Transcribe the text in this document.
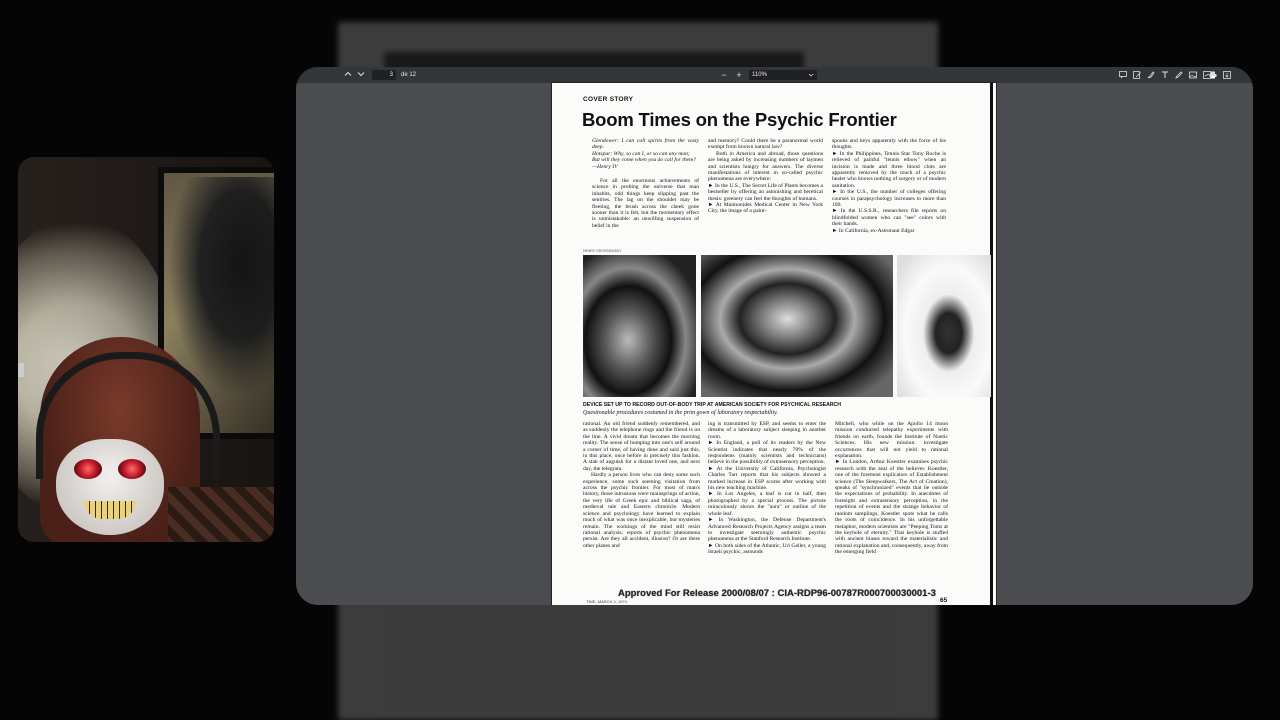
3	de 12	− +	110%
COVER STORY
Boom Times on the Psychic Frontier

Glendower: I can call spirits from the vasty deep.

Hotspur: Why, so can I, or so can any man;

But will they come when you do call for them?

—Henry IV

For all the enormous achievements of science in probing the universe that man inhabits, odd things keep slipping past the sentries. The lag on the shoulder may be fleeting, the brush across the cheek gone sooner than it is felt, but the momentary effect is unmistakable: an unwilling suspension of belief in the

and memory? Could there be a paranormal world exempt from known natural law?

Both in America and abroad, those questions are being asked by increasing numbers of laymen and scientists hungry for answers. The diverse manifestations of interest in so-called psychic phenomena are everywhere:

► In the U.S., The Secret Life of Plants becomes a bestseller by offering an astonishing and heretical thesis: greenery can feel the thoughts of humans.

► At Maimonides Medical Center in New York City, the image of a paint-

spoons and keys apparently with the force of his thoughts.

► In the Philippines, Tennis Star Tony Roche is relieved of painful "tennis elbow" when an incision is made and three blood clots are apparently removed by the touch of a psychic healer who knows nothing of surgery or of modern sanitation.

► In the U.S., the number of colleges offering courses in parapsychology increases to more than 100.

► In the U.S.S.R., researchers file reports on blindfolded women who can "see" colors with their hands.

► In California, ex-Astronaut Edgar

HENRY GROSSKINSKY
DEVICE SET UP TO RECORD OUT-OF-BODY TRIP AT AMERICAN SOCIETY FOR PSYCHICAL RESEARCH
Questionable procedures costumed in the prim gown of laboratory respectability.

rational. An old friend suddenly remembered, and as suddenly the telephone rings and the friend is on the line. A vivid dream that becomes the morning reality. The sense of bumping into one's self around a corner of time, of having done and said just this, in this place, once before in precisely this fashion. A stab of anguish for a distant loved one, and next day, the telegram.

Hardly a person lives who can deny some such experience, some such seeming visitation from across the psychic frontier. For most of man's history, those intrusions were mainsprings of action, the very life of Greek epic and biblical saga, of medieval tale and Eastern chronicle. Modern science and psychology have learned to explain much of what was once inexplicable, but mysteries remain. The workings of the mind still resist rational analysis: reports of psychic phenomena persist. Are they all accident, illusion? Or are there other planes and

ing is transmitted by ESP, and seems to enter the dreams of a laboratory subject sleeping in another room.

► In England, a poll of its readers by the New Scientist indicates that nearly 70% of the respondents (mainly scientists and technicians) believe in the possibility of extrasensory perception.

► At the University of California, Psychologist Charles Tart reports that his subjects showed a marked increase in ESP scores after working with his new teaching machine.

► In Los Angeles, a leaf is cut in half, then photographed by a special process. The picture miraculously shows the "aura" or outline of the whole leaf.

► In Washington, the Defense Department's Advanced Research Projects Agency assigns a team to investigate seemingly authentic psychic phenomena at the Stanford Research Institute.

► On both sides of the Atlantic, Uri Geller, a young Israeli psychic, astounds

Mitchell, who while on the Apollo 14 moon mission conducted telepathy experiments with friends on earth, founds the Institute of Noetic Sciences. His new mission: investigate occurrences that will not yield to rational explanation.

► In London, Arthur Koestler examines psychic research with the zeal of the believer. Koestler, one of the foremost explicators of Establishment science (The Sleepwalkers, The Act of Creation), speaks of "synchronized" events that lie outside the expectations of probability. In anecdotes of foresight and extrasensory perception, in the repetition of events and the strange behavior of random samplings, Koestler spots what he calls the roots of coincidence. In his unforgettable metaphor, modern scientists are "Peeping Toms at the keyhole of eternity." That keyhole is stuffed with ancient biases toward the materialistic and rational explanation and, consequently, away from the emerging field

Approved For Release 2000/08/07 : CIA-RDP96-00787R000700030001-3
TIME, MARCH 4, 1974	65
